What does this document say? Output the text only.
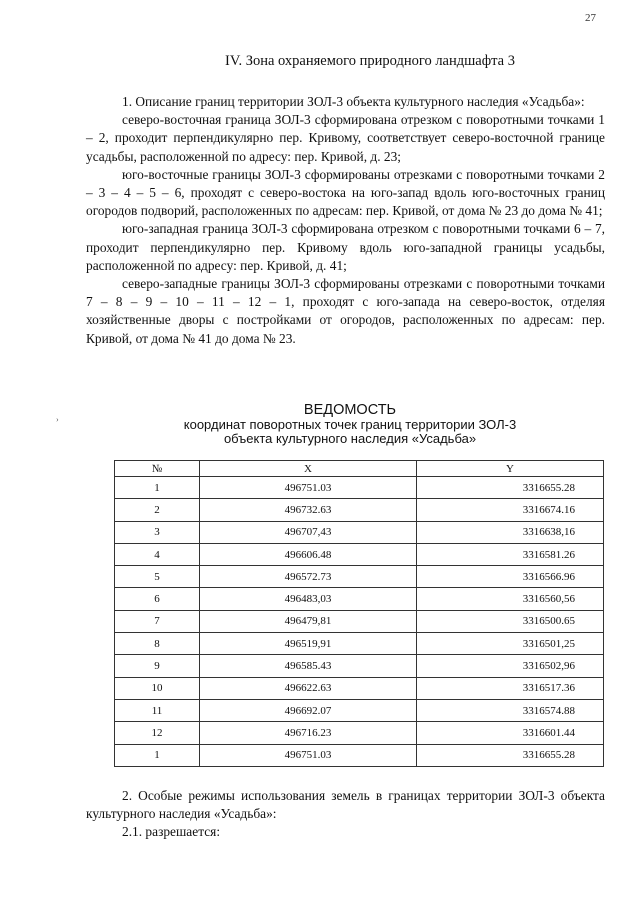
27
IV. Зона охраняемого природного ландшафта 3

1. Описание границ территории ЗОЛ-3 объекта культурного наследия «Усадьба»:

северо-восточная граница ЗОЛ-3 сформирована отрезком с поворотными точками 1 – 2, проходит перпендикулярно пер. Кривому, соответствует северо-восточной границе усадьбы, расположенной по адресу: пер. Кривой, д. 23;

юго-восточные границы ЗОЛ-3 сформированы отрезками с поворотными точками 2 – 3 – 4 – 5 – 6, проходят с северо-востока на юго-запад вдоль юго-восточных границ огородов подворий, расположенных по адресам: пер. Кривой, от дома № 23 до дома № 41;

юго-западная граница ЗОЛ-3 сформирована отрезком с поворотными точками 6 – 7, проходит перпендикулярно пер. Кривому вдоль юго-западной границы усадьбы, расположенной по адресу: пер. Кривой, д. 41;

северо-западные границы ЗОЛ-3 сформированы отрезками с поворотными точками 7 – 8 – 9 – 10 – 11 – 12 – 1, проходят с юго-запада на северо-восток, отделяя хозяйственные дворы с постройками от огородов, расположенных по адресам: пер. Кривой, от дома № 41 до дома № 23.

›
ВЕДОМОСТЬ
координат поворотных точек границ территории ЗОЛ-3
объекта культурного наследия «Усадьба»
№	X	Y
1	496751.03	3316655.28
2	496732.63	3316674.16
3	496707,43	3316638,16
4	496606.48	3316581.26
5	496572.73	3316566.96
6	496483,03	3316560,56
7	496479,81	3316500.65
8	496519,91	3316501,25
9	496585.43	3316502,96
10	496622.63	3316517.36
11	496692.07	3316574.88
12	496716.23	3316601.44
1	496751.03	3316655.28

2. Особые режимы использования земель в границах территории ЗОЛ-3 объекта культурного наследия «Усадьба»:

2.1. разрешается:
